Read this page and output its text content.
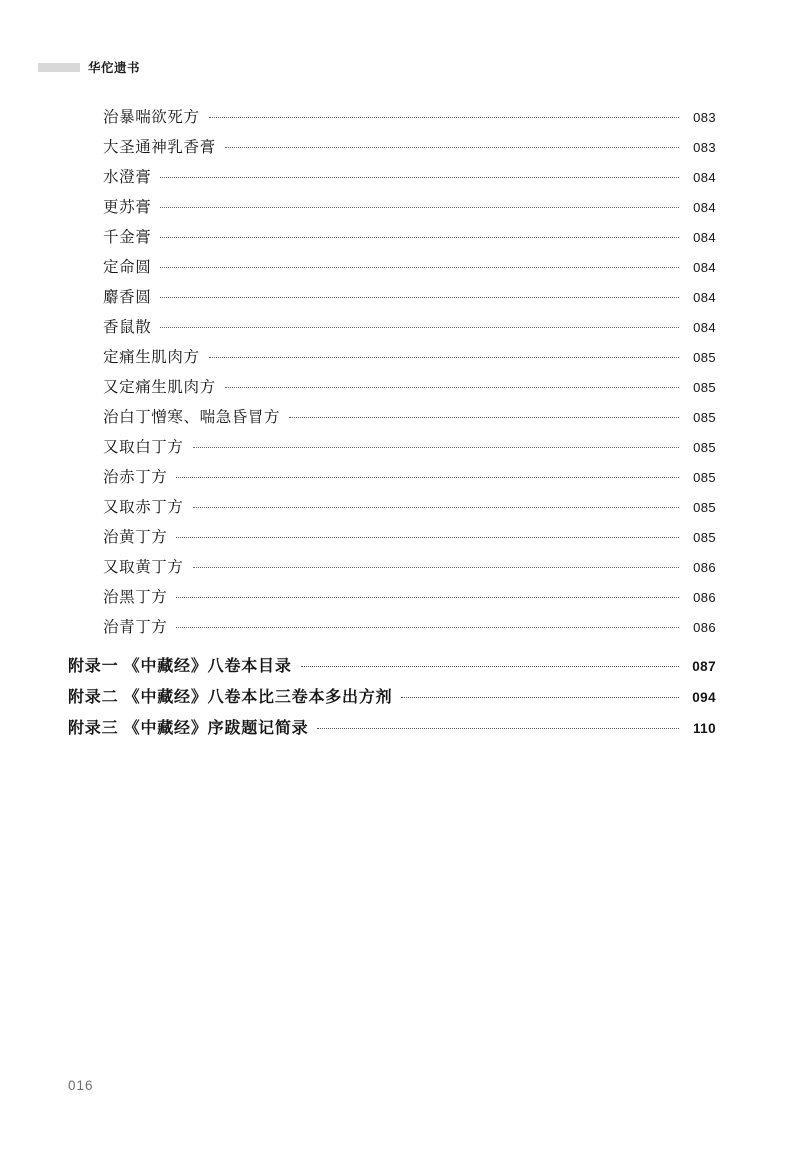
华佗遗书
治暴喘欲死方	083
大圣通神乳香膏	083
水澄膏	084
更苏膏	084
千金膏	084
定命圆	084
麝香圆	084
香鼠散	084
定痛生肌肉方	085
又定痛生肌肉方	085
治白丁憎寒、喘急昏冒方	085
又取白丁方	085
治赤丁方	085
又取赤丁方	085
治黄丁方	085
又取黄丁方	086
治黑丁方	086
治青丁方	086
附录一 《中藏经》八卷本目录	087
附录二 《中藏经》八卷本比三卷本多出方剂	094
附录三 《中藏经》序跋题记简录	110
016
